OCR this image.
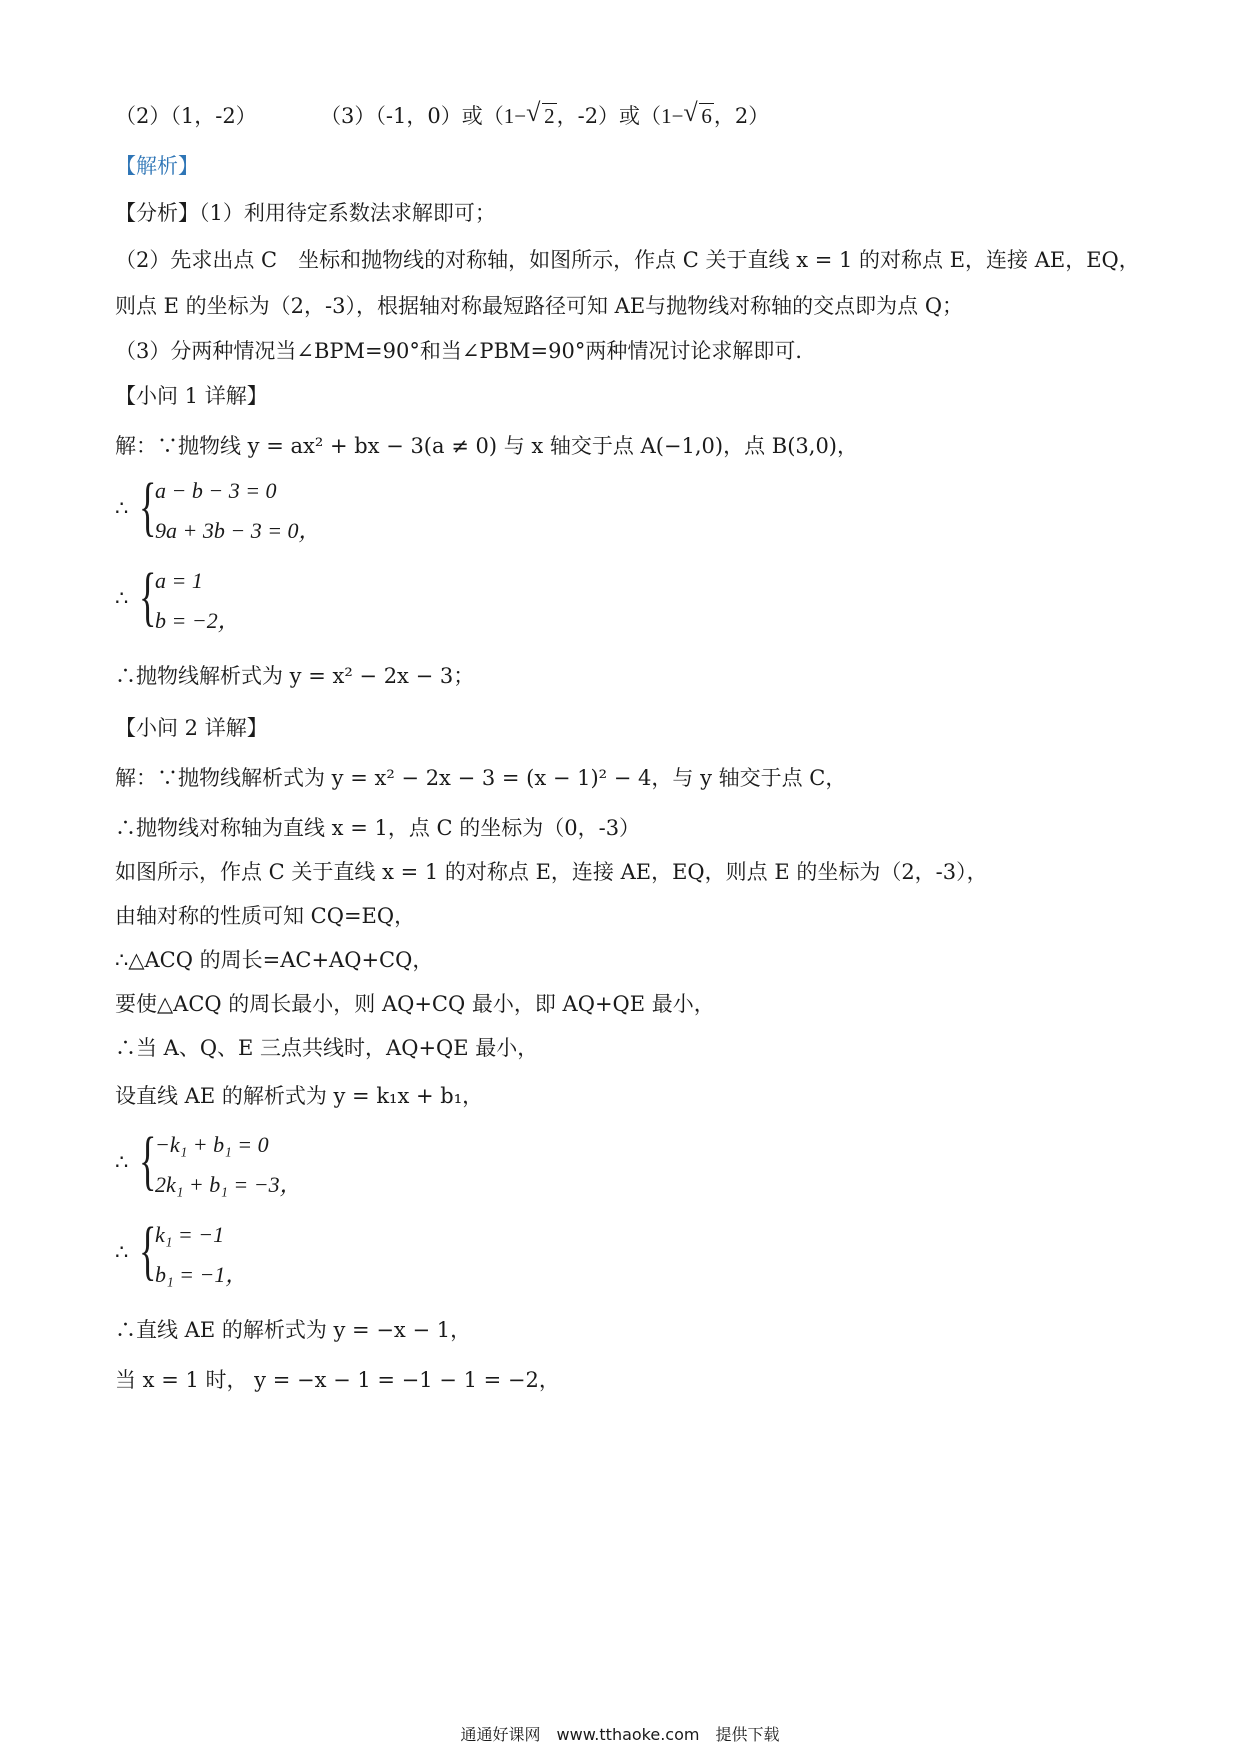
（2）（1，-2）	（3）（-1，0）或（1− √ 2，-2）或（1− √ 6，2）
【解析】
【分析】（1）利用待定系数法求解即可；
（2）先求出点 C　坐标和抛物线的对称轴，如图所示，作点 C 关于直线 x = 1 的对称点 E，连接 AE，EQ，
则点 E 的坐标为（2，-3），根据轴对称最短路径可知 AE与抛物线对称轴的交点即为点 Q；
（3）分两种情况当∠BPM=90°和当∠PBM=90°两种情况讨论求解即可．
【小问 1 详解】
解：∵抛物线 y = ax² + bx − 3(a ≠ 0) 与 x 轴交于点 A(−1,0)，点 B(3,0)，
∴ {
a − b − 3 = 0
9a + 3b − 3 = 0，
∴ {
a = 1
b = −2，
∴抛物线解析式为 y = x² − 2x − 3；
【小问 2 详解】
解：∵抛物线解析式为 y = x² − 2x − 3 = (x − 1)² − 4，与 y 轴交于点 C，
∴抛物线对称轴为直线 x = 1，点 C 的坐标为（0，-3）
如图所示，作点 C 关于直线 x = 1 的对称点 E，连接 AE，EQ，则点 E 的坐标为（2，-3），
由轴对称的性质可知 CQ=EQ，
∴△ACQ 的周长=AC+AQ+CQ，
要使△ACQ 的周长最小，则 AQ+CQ 最小，即 AQ+QE 最小，
∴当 A、Q、E 三点共线时，AQ+QE 最小，
设直线 AE 的解析式为 y = k₁x + b₁，
∴ {
−k₁ + b₁ = 0
2k₁ + b₁ = −3，
∴ {
k₁ = −1
b₁ = −1，
∴直线 AE 的解析式为 y = −x − 1，
当 x = 1 时， y = −x − 1 = −1 − 1 = −2，
通通好课网　www.tthaoke.com　提供下载
